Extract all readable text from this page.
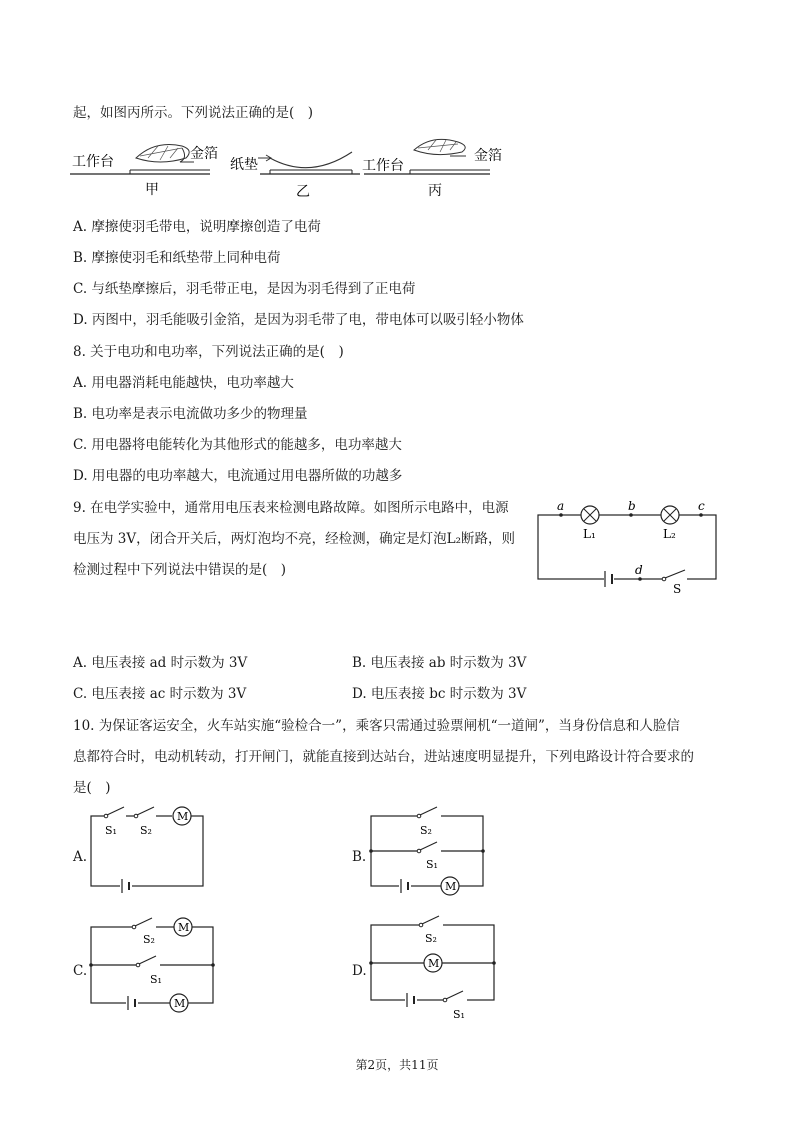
起，如图丙所示。下列说法正确的是(　)
工作台	金箔
甲
纸垫
乙
工作台
金箔
丙
A. 摩擦使羽毛带电，说明摩擦创造了电荷
B. 摩擦使羽毛和纸垫带上同种电荷
C. 与纸垫摩擦后，羽毛带正电，是因为羽毛得到了正电荷
D. 丙图中，羽毛能吸引金箔，是因为羽毛带了电，带电体可以吸引轻小物体
8. 关于电功和电功率，下列说法正确的是(　)
A. 用电器消耗电能越快，电功率越大
B. 电功率是表示电流做功多少的物理量
C. 用电器将电能转化为其他形式的能越多，电功率越大
D. 用电器的电功率越大，电流通过用电器所做的功越多
9. 在电学实验中，通常用电压表来检测电路故障。如图所示电路中，电源
电压为 3V，闭合开关后，两灯泡均不亮，经检测，确定是灯泡L₂断路，则
检测过程中下列说法中错误的是(　)
a	b	c
d
L₁	L₂
S
A. 电压表接 ad 时示数为 3V	B. 电压表接 ab 时示数为 3V
C. 电压表接 ac 时示数为 3V	D. 电压表接 bc 时示数为 3V
10. 为保证客运安全，火车站实施“验检合一”，乘客只需通过验票闸机“一道闸”，当身份信息和人脸信
息都符合时，电动机转动，打开闸门，就能直接到达站台，进站速度明显提升，下列电路设计符合要求的
是(　)
A.
M
S₁ S₂
B.
S₂
S₁
M
C.
M
S₂
S₁
M
D.
S₂
M
S₁
第2页，共11页
